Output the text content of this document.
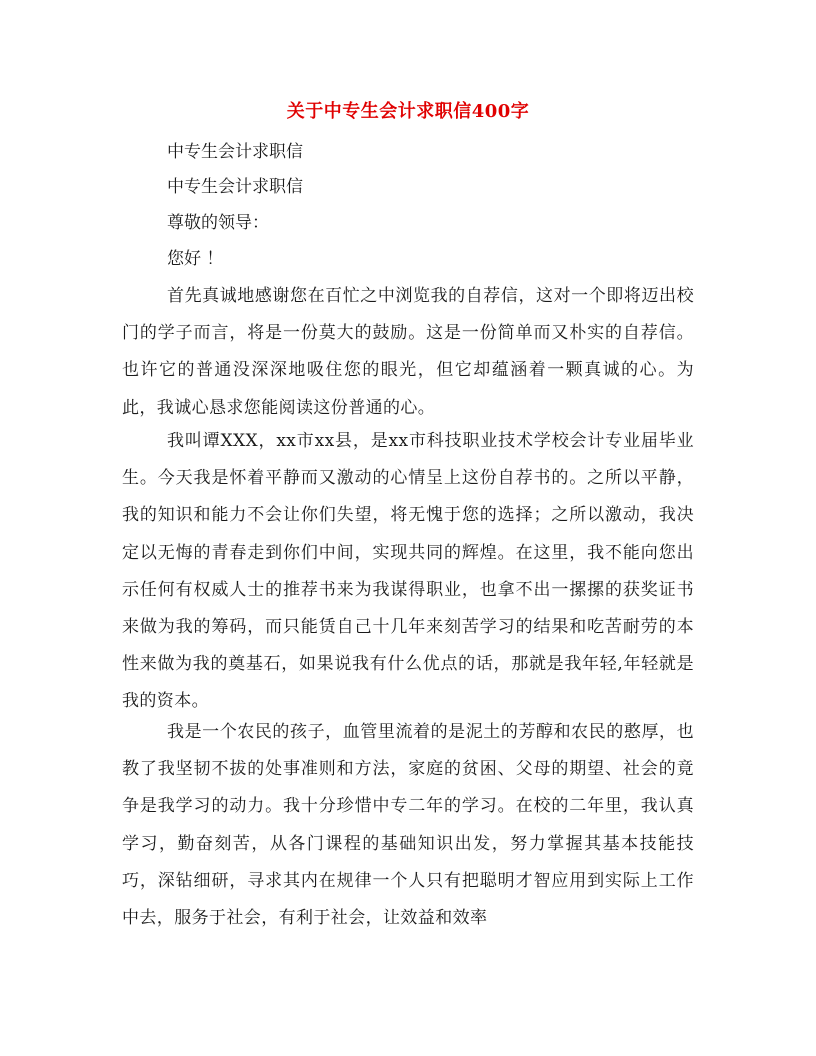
关于中专生会计求职信400字
中专生会计求职信
中专生会计求职信
尊敬的领导：
您好 ！

首先真诚地感谢您在百忙之中浏览我的自荐信，这对一个即将迈出校门的学子而言，将是一份莫大的鼓励。这是一份简单而又朴实的自荐信。也许它的普通没深深地吸住您的眼光，但它却蕴涵着一颗真诚的心。为此，我诚心恳求您能阅读这份普通的心。

我叫谭XXX，xx市xx县，是xx市科技职业技术学校会计专业届毕业生。今天我是怀着平静而又激动的心情呈上这份自荐书的。之所以平静，我的知识和能力不会让你们失望，将无愧于您的选择；之所以激动，我决定以无悔的青春走到你们中间，实现共同的辉煌。在这里，我不能向您出示任何有权威人士的推荐书来为我谋得职业，也拿不出一摞摞的获奖证书来做为我的筹码，而只能赁自己十几年来刻苦学习的结果和吃苦耐劳的本性来做为我的奠基石，如果说我有什么优点的话，那就是我年轻,年轻就是我的资本。

我是一个农民的孩子，血管里流着的是泥土的芳醇和农民的憨厚，也教了我坚韧不拔的处事准则和方法，家庭的贫困、父母的期望、社会的竟争是我学习的动力。我十分珍惜中专二年的学习。在校的二年里，我认真学习，勤奋刻苦，从各门课程的基础知识出发，努力掌握其基本技能技巧，深钻细研，寻求其内在规律一个人只有把聪明才智应用到实际上工作中去，服务于社会，有利于社会，让效益和效率
